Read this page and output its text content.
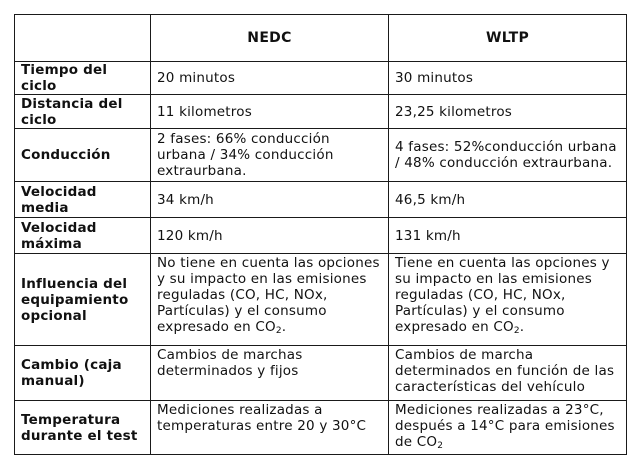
	NEDC	WLTP
Tiempo del ciclo	20 minutos	30 minutos
Distancia del ciclo	11 kilometros	23,25 kilometros
Conducción	2 fases: 66% conducción urbana / 34% conducción extraurbana.	4 fases: 52%conducción urbana / 48% conducción extraurbana.
Velocidad media	34 km/h	46,5 km/h
Velocidad máxima	120 km/h	131 km/h
Influencia del equipamiento opcional	No tiene en cuenta las opciones y su impacto en las emisiones reguladas (CO, HC, NOx, Partículas) y el consumo expresado en $CO_2$.	Tiene en cuenta las opciones y su impacto en las emisiones reguladas (CO, HC, NOx, Partículas) y el consumo expresado en $CO_2$.
Cambio (caja manual)	Cambios de marchas determinados y fijos	Cambios de marcha determinados en función de las características del vehículo
Temperatura durante el test	Mediciones realizadas a temperaturas entre 20 y 30°C	Mediciones realizadas a 23°C, después a 14°C para emisiones de $CO_2$
